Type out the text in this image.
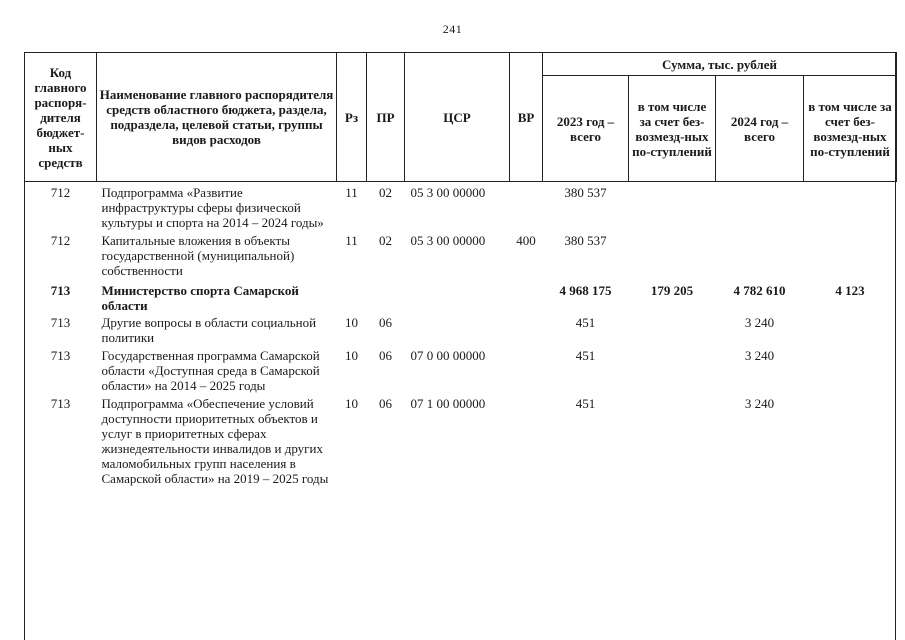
241
Код главного распоря-дителя бюджет-ных средств	Наименование главного распорядителя средств областного бюджета, раздела, подраздела, целевой статьи, группы видов расходов	Рз	ПР	ЦСР	ВР	Сумма, тыс. рублей			
						2023 год – всего	в том числе за счет без-возмезд-ных по-ступлений	2024 год – всего	в том числе за счет без-возмезд-ных по-ступлений
712	Подпрограмма «Развитие инфраструктуры сферы физической культуры и спорта на 2014 – 2024 годы»	11	02	05 3 00 00000		380 537			
712	Капитальные вложения в объекты государственной (муниципальной) собственности	11	02	05 3 00 00000	400	380 537			
713	Министерство спорта Самарской области					4 968 175	179 205	4 782 610	4 123
713	Другие вопросы в области социальной политики	10	06			451		3 240	
713	Государственная программа Самарской области «Доступная среда в Самарской области» на 2014 – 2025 годы	10	06	07 0 00 00000		451		3 240	
713	Подпрограмма «Обеспечение условий доступности приоритетных объектов и услуг в приоритетных сферах жизнедеятельности инвалидов и других маломобильных групп населения в Самарской области» на 2019 – 2025 годы	10	06	07 1 00 00000		451		3 240	
